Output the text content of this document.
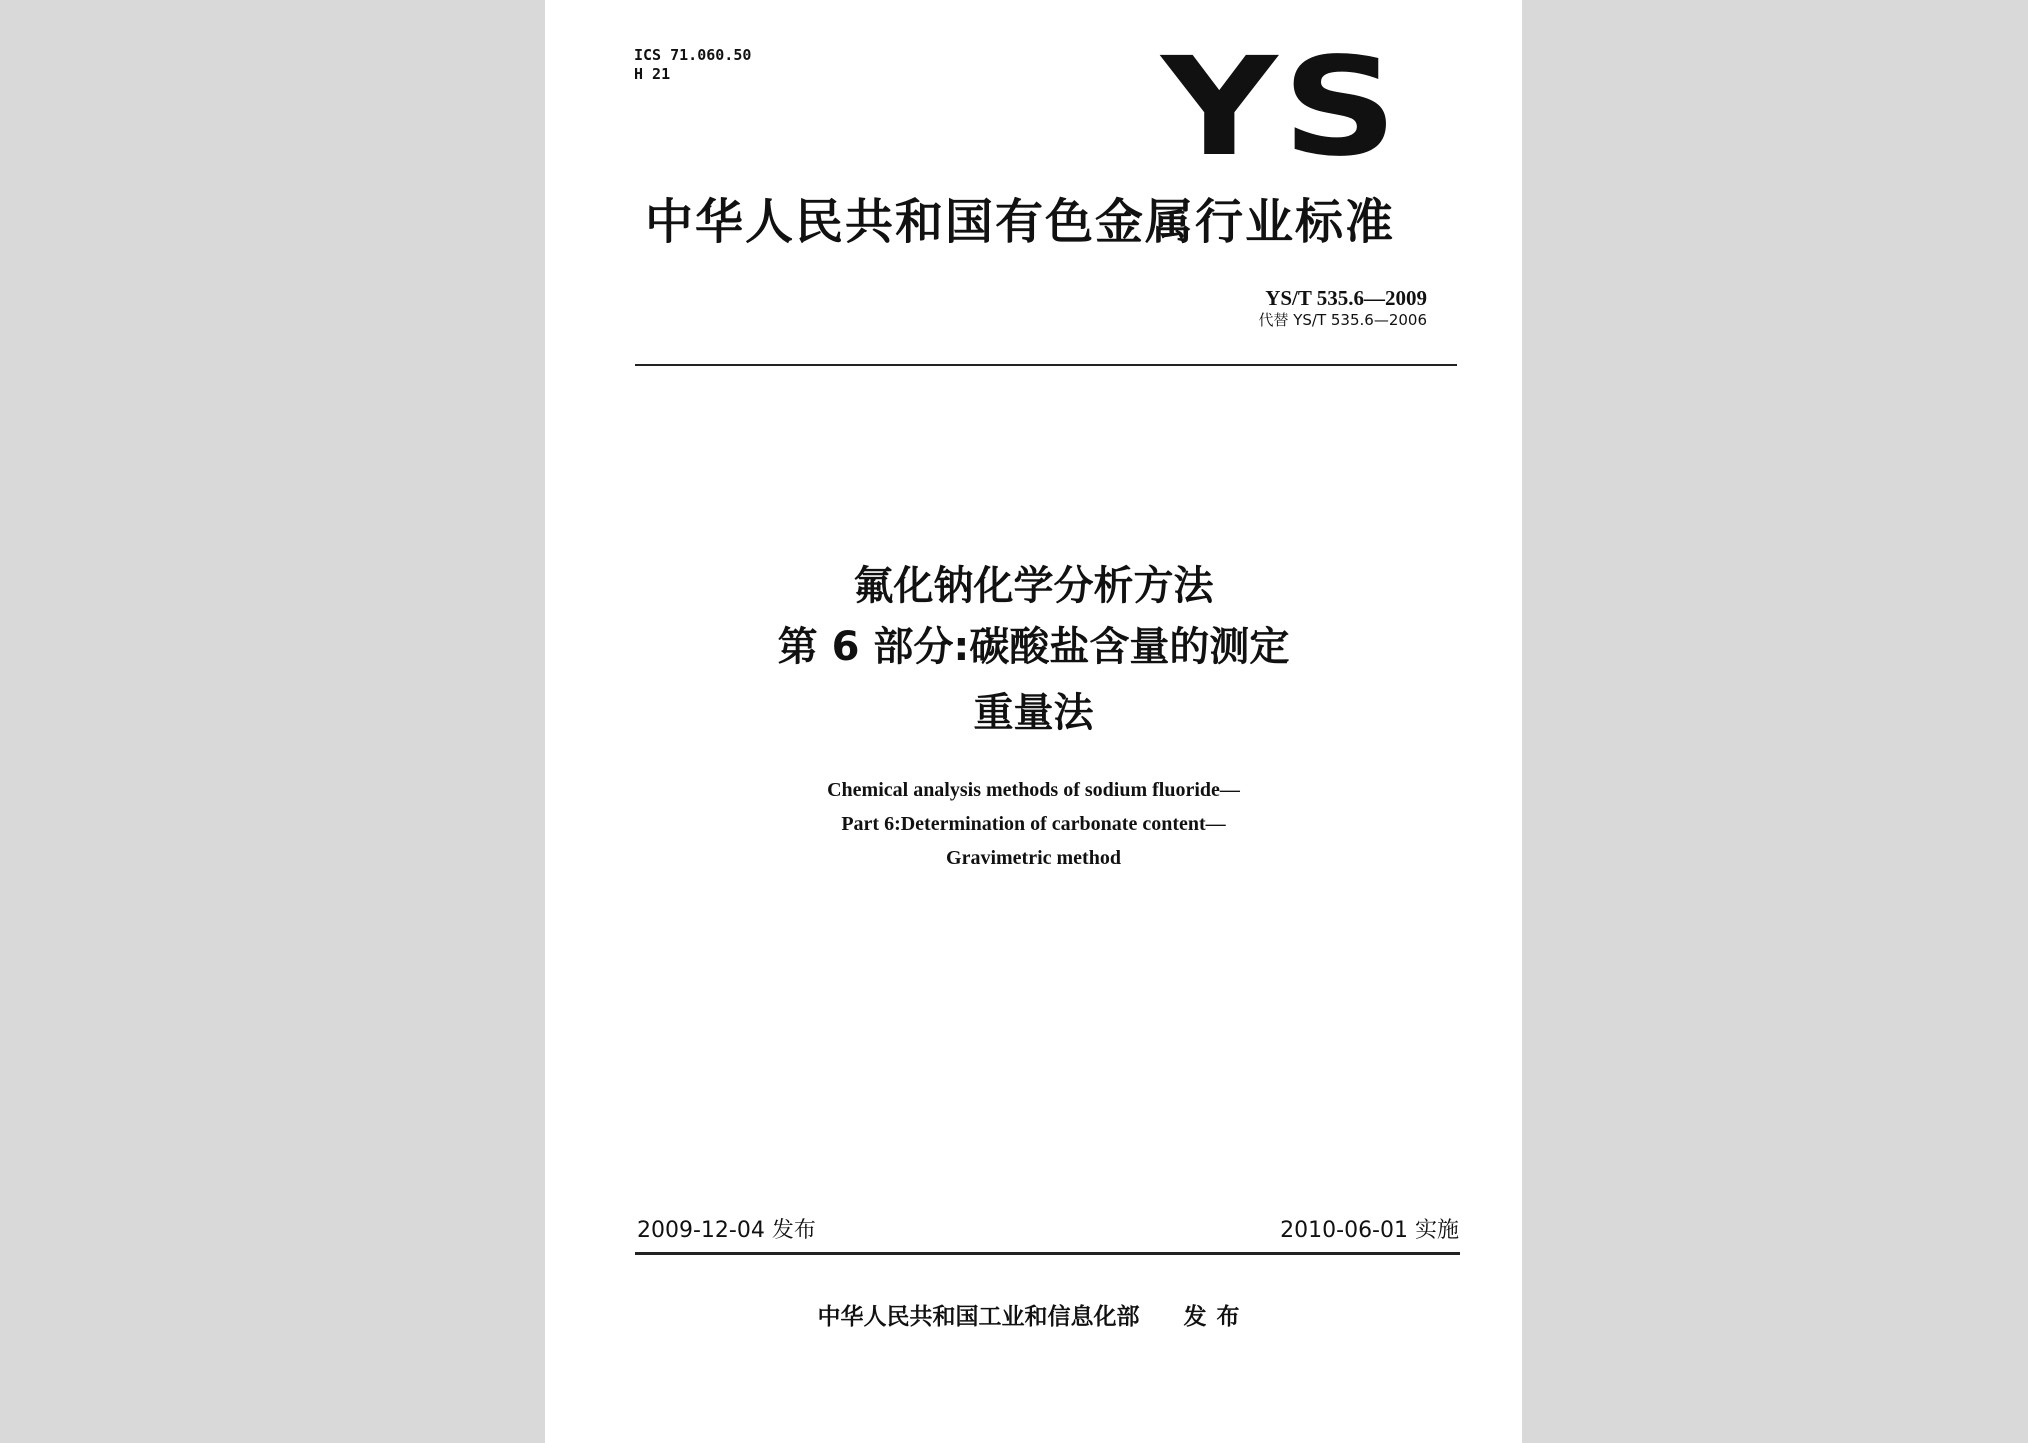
ICS 71.060.50
H 21	YS
中华人民共和国有色金属行业标准
YS/T 535.6—2009
代替 YS/T 535.6—2006
氟化钠化学分析方法
第 6 部分:碳酸盐含量的测定
重量法
Chemical analysis methods of sodium fluoride—
Part 6:Determination of carbonate content—
Gravimetric method
2009-12-04 发布	2010-06-01 实施
中华人民共和国工业和信息化部 发布
